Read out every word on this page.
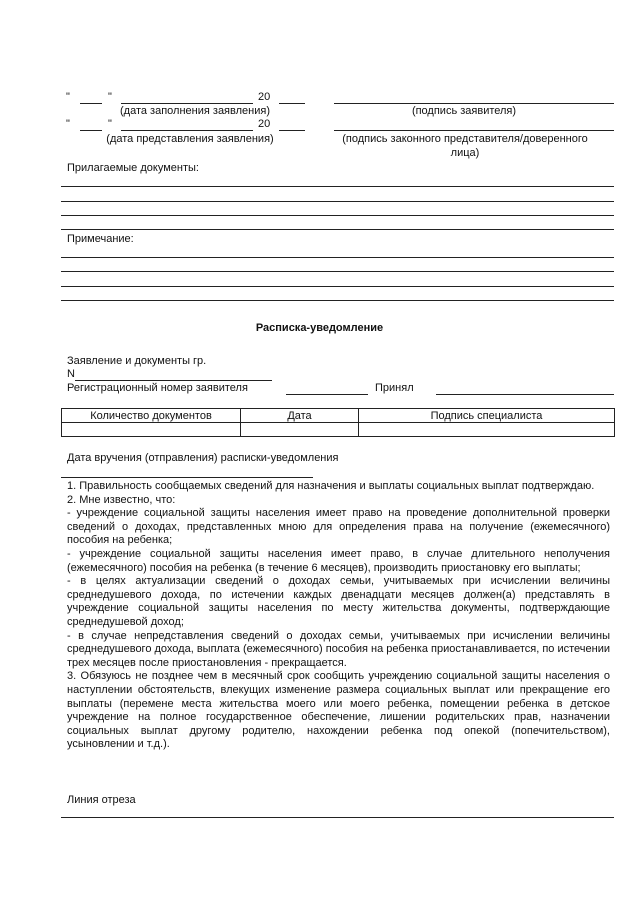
"	"	20
(дата заполнения заявления)	(подпись заявителя)
"	"	20
(дата представления заявления)	(подпись законного представителя/доверенного
лица)
Прилагаемые документы:
Примечание:
Расписка-уведомление
Заявление и документы гр.
N
Регистрационный номер заявителя	Принял
Количество документов	Дата	Подпись специалиста

Дата вручения (отправления) расписки-уведомления

1. Правильность сообщаемых сведений для назначения и выплаты социальных выплат подтверждаю.

2. Мне известно, что:

- учреждение социальной защиты населения имеет право на проведение дополнительной проверки сведений о доходах, представленных мною для определения права на получение (ежемесячного) пособия на ребенка;

- учреждение социальной защиты населения имеет право, в случае длительного неполучения (ежемесячного) пособия на ребенка (в течение 6 месяцев), производить приостановку его выплаты;

- в целях актуализации сведений о доходах семьи, учитываемых при исчислении величины среднедушевого дохода, по истечении каждых двенадцати месяцев должен(а) представлять в учреждение социальной защиты населения по месту жительства документы, подтверждающие среднедушевой доход;

- в случае непредставления сведений о доходах семьи, учитываемых при исчислении величины среднедушевого дохода, выплата (ежемесячного) пособия на ребенка приостанавливается, по истечении трех месяцев после приостановления - прекращается.

3. Обязуюсь не позднее чем в месячный срок сообщить учреждению социальной защиты населения о наступлении обстоятельств, влекущих изменение размера социальных выплат или прекращение его выплаты (перемене места жительства моего или моего ребенка, помещении ребенка в детское учреждение на полное государственное обеспечение, лишении родительских прав, назначении социальных выплат другому родителю, нахождении ребенка под опекой (попечительством), усыновлении и т.д.).

Линия отреза
